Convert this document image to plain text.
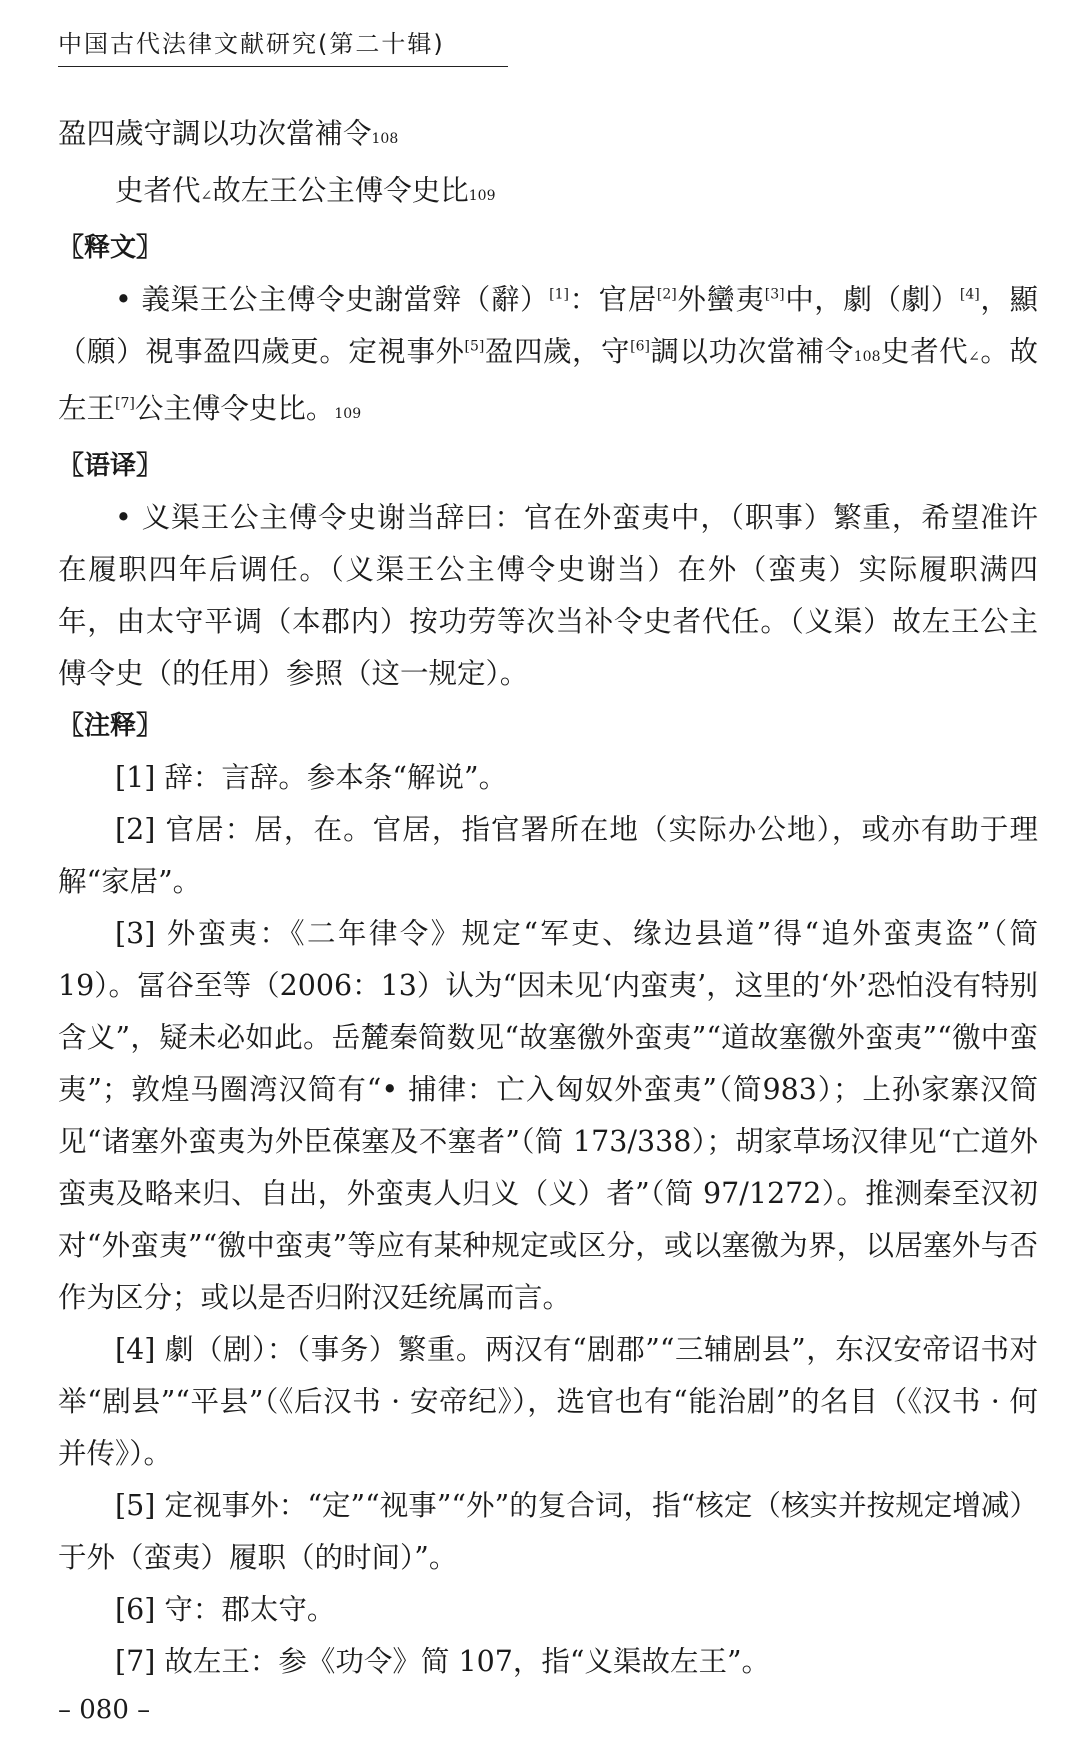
中国古代法律文献研究(第二十辑)

盈四歲守調以功次當補令108

史者代∠故左王公主傅令史比109

〖释文〗

• 義渠王公主傅令史謝當辤（辭）[1]：官居[2]外蠻夷[3]中，劇（劇）[4]，顯（願）視事盈四歲更。定視事外[5]盈四歲，守[6]調以功次當補令108史者代∠。故左王[7]公主傅令史比。109

〖语译〗

• 义渠王公主傅令史谢当辞曰：官在外蛮夷中，（职事）繁重，希望准许在履职四年后调任。（义渠王公主傅令史谢当）在外（蛮夷）实际履职满四年，由太守平调（本郡内）按功劳等次当补令史者代任。（义渠）故左王公主傅令史（的任用）参照（这一规定）。

〖注释〗

[1] 辞：言辞。参本条“解说”。

[2] 官居：居，在。官居，指官署所在地（实际办公地），或亦有助于理解“家居”。

[3] 外蛮夷：《二年律令》规定“军吏、缘边县道”得“追外蛮夷盗”（简 19）。冨谷至等（2006：13）认为“因未见‘内蛮夷’，这里的‘外’恐怕没有特别含义”，疑未必如此。岳麓秦简数见“故塞徼外蛮夷”“道故塞徼外蛮夷”“徼中蛮夷”；敦煌马圈湾汉简有“• 捕律：亡入匈奴外蛮夷”（简983）；上孙家寨汉简见“诸塞外蛮夷为外臣葆塞及不塞者”（简 173/338）；胡家草场汉律见“亡道外蛮夷及略来归、自出，外蛮夷人归义（义）者”（简 97/1272）。推测秦至汉初对“外蛮夷”“徼中蛮夷”等应有某种规定或区分，或以塞徼为界，以居塞外与否作为区分；或以是否归附汉廷统属而言。

[4] 劇（剧）：（事务）繁重。两汉有“剧郡”“三辅剧县”，东汉安帝诏书对举“剧县”“平县”（《后汉书 · 安帝纪》），选官也有“能治剧”的名目（《汉书 · 何并传》）。

[5] 定视事外：“定”“视事”“外”的复合词，指“核定（核实并按规定增减）于外（蛮夷）履职（的时间）”。

[6] 守：郡太守。

[7] 故左王：参《功令》简 107，指“义渠故左王”。

– 080 –
